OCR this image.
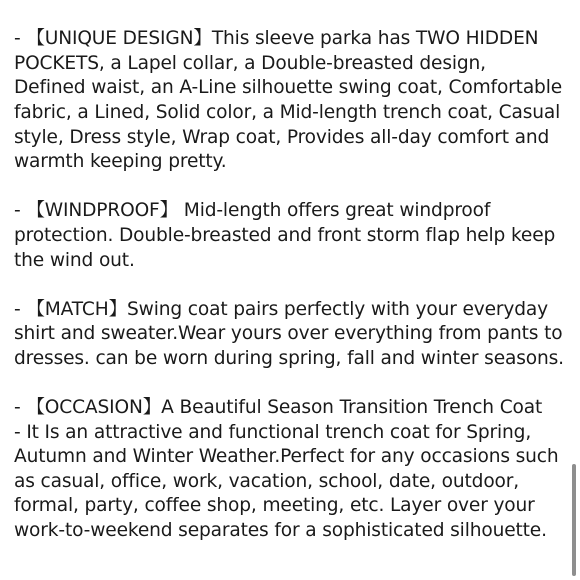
- 【UNIQUE DESIGN】This sleeve parka has TWO HIDDEN
POCKETS, a Lapel collar, a Double-breasted design,
Defined waist, an A-Line silhouette swing coat, Comfortable
fabric, a Lined, Solid color, a Mid-length trench coat, Casual
style, Dress style, Wrap coat, Provides all-day comfort and
warmth keeping pretty.

- 【WINDPROOF】 Mid-length offers great windproof
protection. Double-breasted and front storm flap help keep
the wind out.

- 【MATCH】Swing coat pairs perfectly with your everyday
shirt and sweater.Wear yours over everything from pants to
dresses. can be worn during spring, fall and winter seasons.

- 【OCCASION】A Beautiful Season Transition Trench Coat
- It Is an attractive and functional trench coat for Spring,
Autumn and Winter Weather.Perfect for any occasions such
as casual, office, work, vacation, school, date, outdoor,
formal, party, coffee shop, meeting, etc. Layer over your
work-to-weekend separates for a sophisticated silhouette.
